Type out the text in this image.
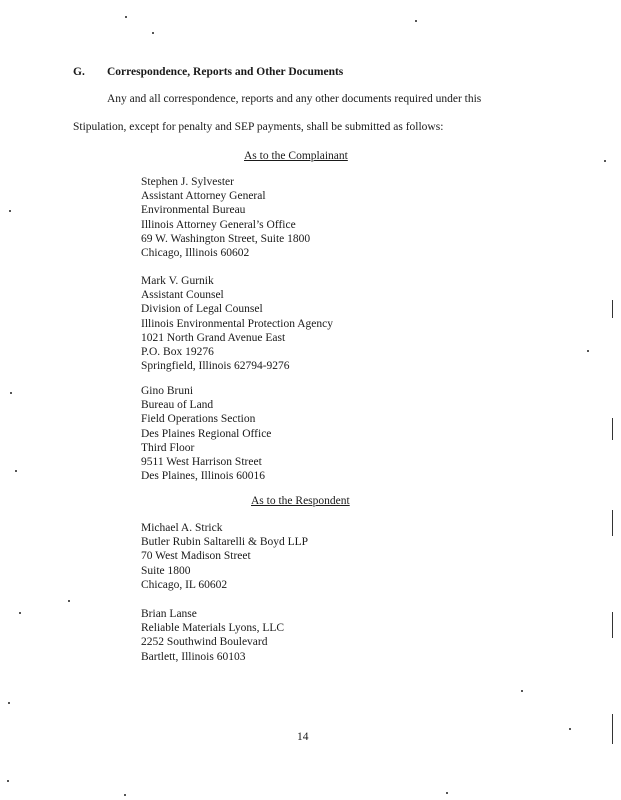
G. Correspondence, Reports and Other Documents
Any and all correspondence, reports and any other documents required under this
Stipulation, except for penalty and SEP payments, shall be submitted as follows:
As to the Complainant
Stephen J. Sylvester
Assistant Attorney General
Environmental Bureau
Illinois Attorney General’s Office
69 W. Washington Street, Suite 1800
Chicago, Illinois 60602
Mark V. Gurnik
Assistant Counsel
Division of Legal Counsel
Illinois Environmental Protection Agency
1021 North Grand Avenue East
P.O. Box 19276
Springfield, Illinois 62794-9276
Gino Bruni
Bureau of Land
Field Operations Section
Des Plaines Regional Office
Third Floor
9511 West Harrison Street
Des Plaines, Illinois 60016
As to the Respondent
Michael A. Strick
Butler Rubin Saltarelli & Boyd LLP
70 West Madison Street
Suite 1800
Chicago, IL 60602
Brian Lanse
Reliable Materials Lyons, LLC
2252 Southwind Boulevard
Bartlett, Illinois 60103
14
